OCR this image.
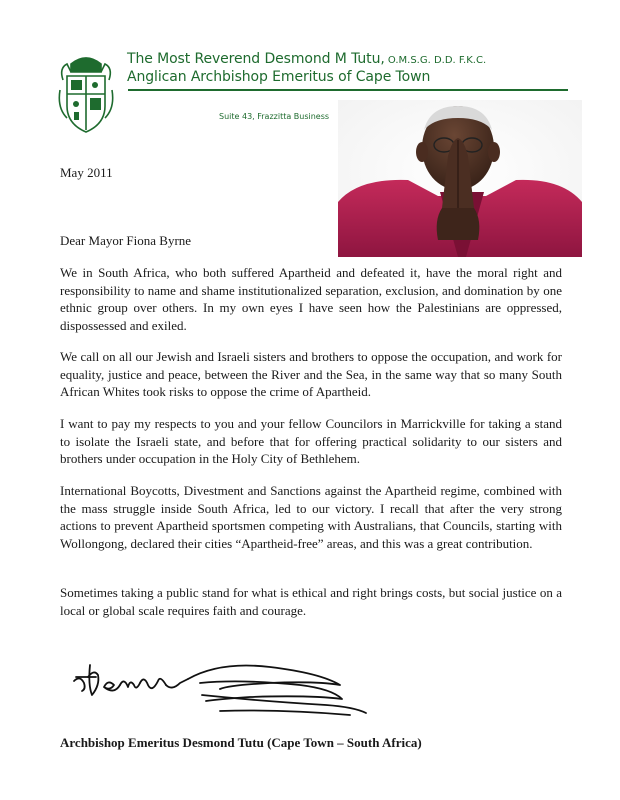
The Most Reverend Desmond M Tutu, O.M.S.G. D.D. F.K.C.
Anglican Archbishop Emeritus of Cape Town
Suite 43, Frazzitta Business
May 2011
Dear Mayor Fiona Byrne

We in South Africa, who both suffered Apartheid and defeated it, have the moral right and responsibility to name and shame institutionalized separation, exclusion, and domination by one ethnic group over others. In my own eyes I have seen how the Palestinians are oppressed, dispossessed and exiled.

We call on all our Jewish and Israeli sisters and brothers to oppose the occupation, and work for equality, justice and peace, between the River and the Sea, in the same way that so many South African Whites took risks to oppose the crime of Apartheid.

I want to pay my respects to you and your fellow Councilors in Marrickville for taking a stand to isolate the Israeli state, and before that for offering practical solidarity to our sisters and brothers under occupation in the Holy City of Bethlehem.

International Boycotts, Divestment and Sanctions against the Apartheid regime, combined with the mass struggle inside South Africa, led to our victory. I recall that after the very strong actions to prevent Apartheid sportsmen competing with Australians, that Councils, starting with Wollongong, declared their cities “Apartheid-free” areas, and this was a great contribution.

Sometimes taking a public stand for what is ethical and right brings costs, but social justice on a local or global scale requires faith and courage.

Archbishop Emeritus Desmond Tutu (Cape Town – South Africa)
